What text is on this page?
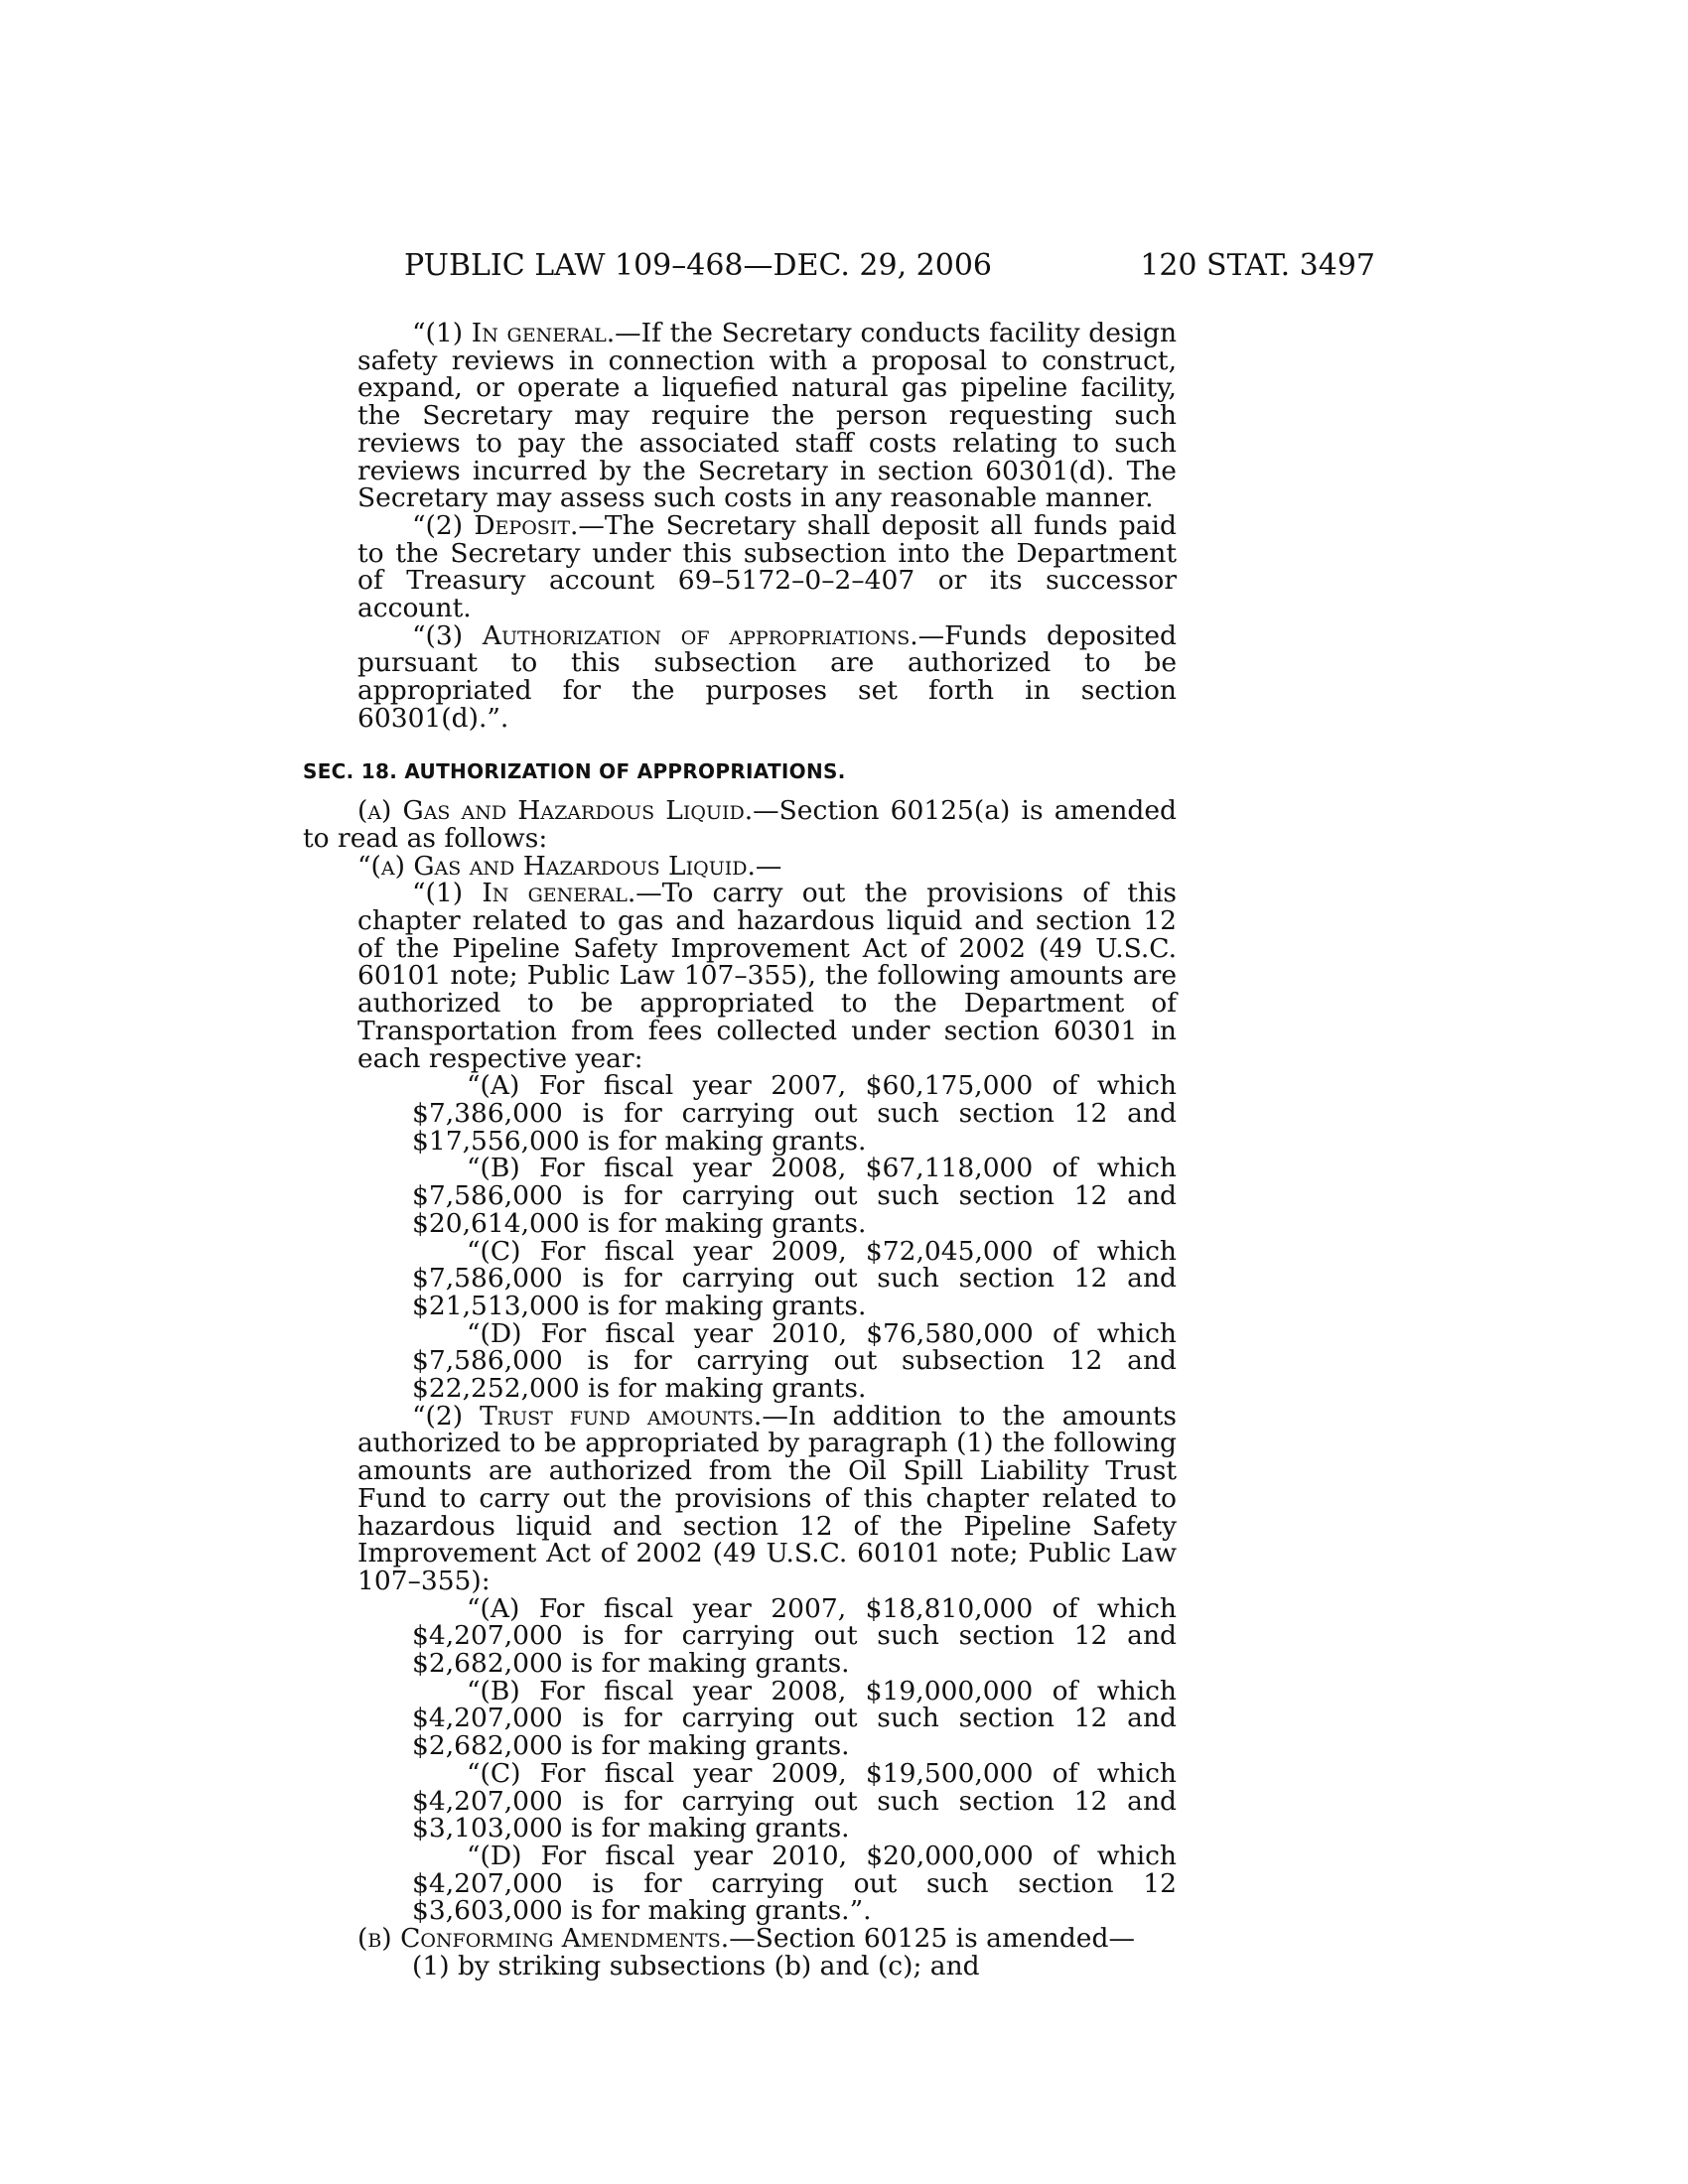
PUBLIC LAW 109–468—DEC. 29, 2006	120 STAT. 3497

“(1) In general.—If the Secretary conducts facility design safety reviews in connection with a proposal to construct, expand, or operate a liquefied natural gas pipeline facility, the Secretary may require the person requesting such reviews to pay the associated staff costs relating to such reviews incurred by the Secretary in section 60301(d). The Secretary may assess such costs in any reasonable manner.

“(2) Deposit.—The Secretary shall deposit all funds paid to the Secretary under this subsection into the Department of Treasury account 69–5172–0–2–407 or its successor account.

“(3) Authorization of appropriations.—Funds deposited pursuant to this subsection are authorized to be appropriated for the purposes set forth in section 60301(d).”.

SEC. 18. AUTHORIZATION OF APPROPRIATIONS.

(a) Gas and Hazardous Liquid.—Section 60125(a) is amended to read as follows:

“(a) Gas and Hazardous Liquid.—

“(1) In general.—To carry out the provisions of this chapter related to gas and hazardous liquid and section 12 of the Pipeline Safety Improvement Act of 2002 (49 U.S.C. 60101 note; Public Law 107–355), the following amounts are authorized to be appropriated to the Department of Transportation from fees collected under section 60301 in each respective year:

“(A) For fiscal year 2007, $60,175,000 of which $7,386,000 is for carrying out such section 12 and $17,556,000 is for making grants.

“(B) For fiscal year 2008, $67,118,000 of which $7,586,000 is for carrying out such section 12 and $20,614,000 is for making grants.

“(C) For fiscal year 2009, $72,045,000 of which $7,586,000 is for carrying out such section 12 and $21,513,000 is for making grants.

“(D) For fiscal year 2010, $76,580,000 of which $7,586,000 is for carrying out subsection 12 and $22,252,000 is for making grants.

“(2) Trust fund amounts.—In addition to the amounts authorized to be appropriated by paragraph (1) the following amounts are authorized from the Oil Spill Liability Trust Fund to carry out the provisions of this chapter related to hazardous liquid and section 12 of the Pipeline Safety Improvement Act of 2002 (49 U.S.C. 60101 note; Public Law 107–355):

“(A) For fiscal year 2007, $18,810,000 of which $4,207,000 is for carrying out such section 12 and $2,682,000 is for making grants.

“(B) For fiscal year 2008, $19,000,000 of which $4,207,000 is for carrying out such section 12 and $2,682,000 is for making grants.

“(C) For fiscal year 2009, $19,500,000 of which $4,207,000 is for carrying out such section 12 and $3,103,000 is for making grants.

“(D) For fiscal year 2010, $20,000,000 of which $4,207,000 is for carrying out such section 12 $3,603,000 is for making grants.”.

(b) Conforming Amendments.—Section 60125 is amended—

(1) by striking subsections (b) and (c); and
